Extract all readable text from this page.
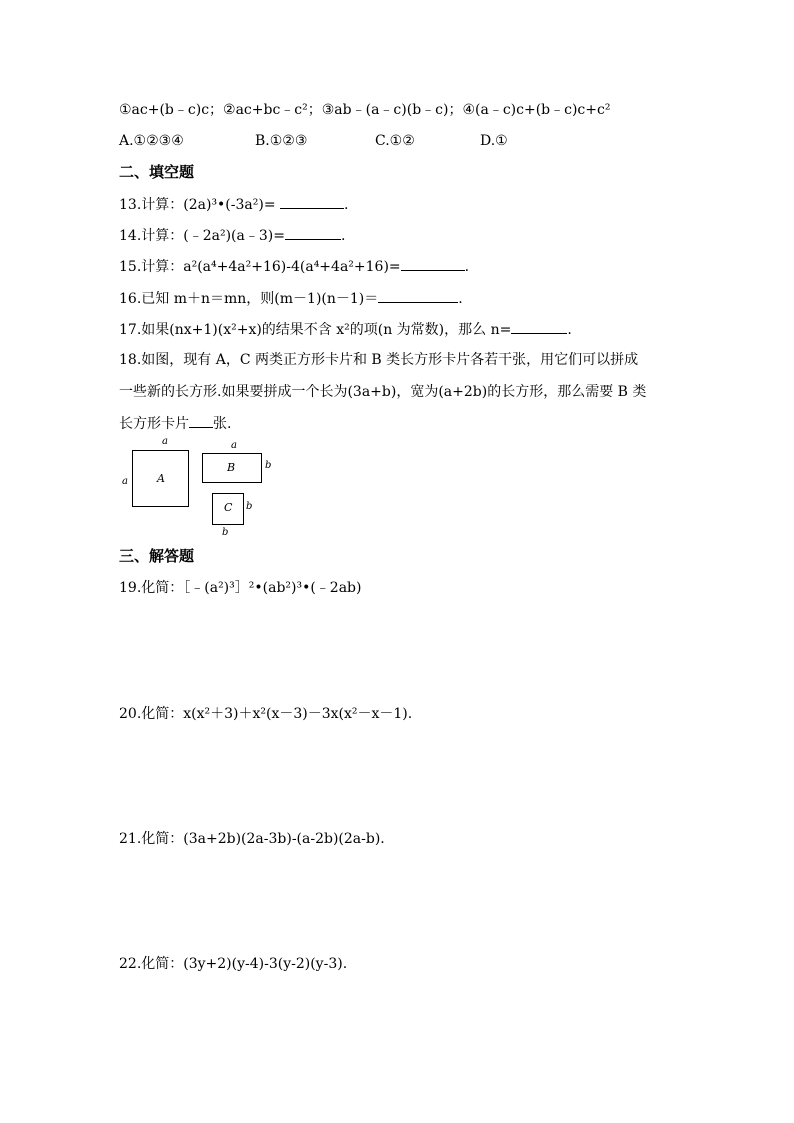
①ac+(b﹣c)c；②ac+bc﹣c²；③ab﹣(a﹣c)(b﹣c)；④(a﹣c)c+(b﹣c)c+c²
A.①②③④	B.①②③	C.①②	D.①
二、填空题
13.计算：(2a)³•(-3a²)=	.
14.计算：(﹣2a²)(a﹣3)=	.
15.计算：a²(a⁴+4a²+16)-4(a⁴+4a²+16)=	.
16.已知 m＋n＝mn，则(m－1)(n－1)＝	.
17.如果(nx+1)(x²+x)的结果不含 x²的项(n 为常数)，那么 n=	.
18.如图，现有 A，C 两类正方形卡片和 B 类长方形卡片各若干张，用它们可以拼成
一些新的长方形.如果要拼成一个长为(3a+b)，宽为(a+2b)的长方形，那么需要 B 类
长方形卡片 张.
a
a	A
a
B	b
C b
b
三、解答题
19.化简：［﹣(a²)³］²•(ab²)³•(﹣2ab)
20.化简：x(x²＋3)＋x²(x－3)－3x(x²－x－1).
21.化简：(3a+2b)(2a-3b)-(a-2b)(2a-b).
22.化简：(3y+2)(y-4)-3(y-2)(y-3).
